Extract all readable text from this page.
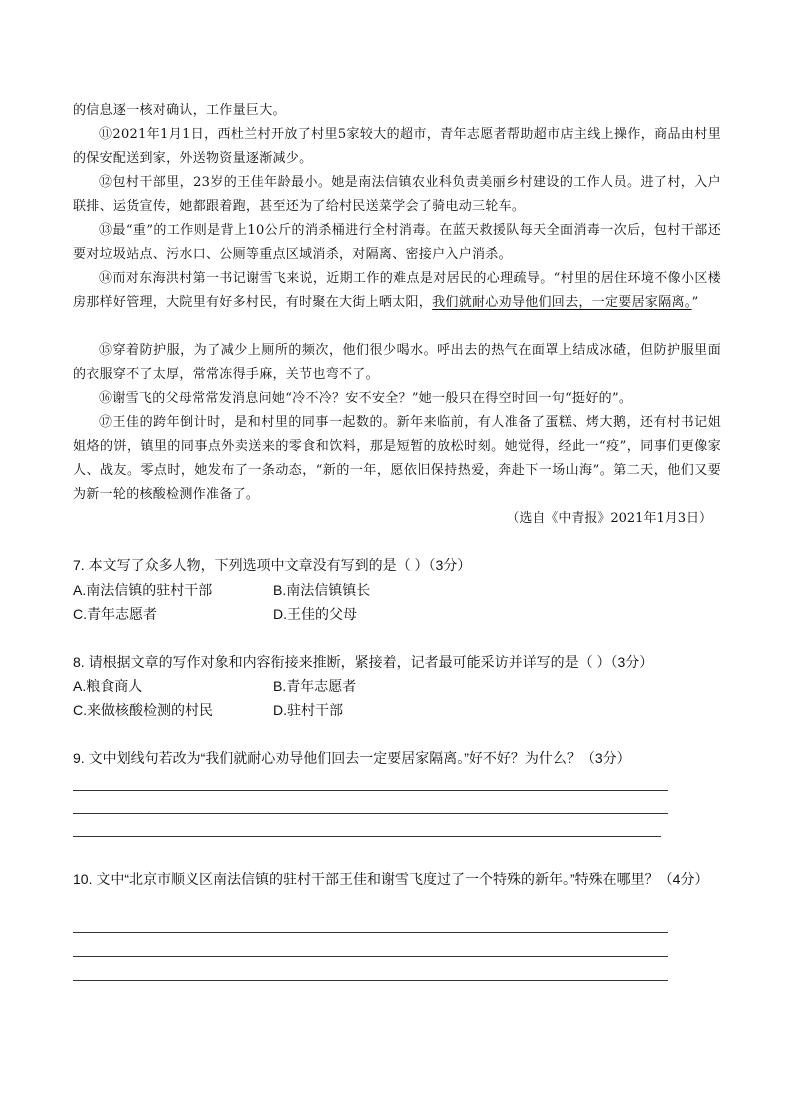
的信息逐一核对确认，工作量巨大。

⑪2021年1月1日，西杜兰村开放了村里5家较大的超市，青年志愿者帮助超市店主线上操作，商品由村里的保安配送到家，外送物资量逐渐减少。

⑫包村干部里，23岁的王佳年龄最小。她是南法信镇农业科负责美丽乡村建设的工作人员。进了村，入户联排、运货宣传，她都跟着跑，甚至还为了给村民送菜学会了骑电动三轮车。

⑬最“重”的工作则是背上10公斤的消杀桶进行全村消毒。在蓝天救援队每天全面消毒一次后，包村干部还要对垃圾站点、污水口、公厕等重点区域消杀，对隔离、密接户入户消杀。

⑭而对东海洪村第一书记谢雪飞来说，近期工作的难点是对居民的心理疏导。“村里的居住环境不像小区楼房那样好管理，大院里有好多村民，有时聚在大街上晒太阳，我们就耐心劝导他们回去，一定要居家隔离。”

⑮穿着防护服，为了减少上厕所的频次，他们很少喝水。呼出去的热气在面罩上结成冰碴，但防护服里面的衣服穿不了太厚，常常冻得手麻，关节也弯不了。

⑯谢雪飞的父母常常发消息问她“冷不冷？安不安全？”她一般只在得空时回一句“挺好的”。

⑰王佳的跨年倒计时，是和村里的同事一起数的。新年来临前，有人准备了蛋糕、烤大鹅，还有村书记姐姐烙的饼，镇里的同事点外卖送来的零食和饮料，那是短暂的放松时刻。她觉得，经此一“疫”，同事们更像家人、战友。零点时，她发布了一条动态，“新的一年，愿依旧保持热爱，奔赴下一场山海”。第二天，他们又要为新一轮的核酸检测作准备了。

（选自《中青报》2021年1月3日）
7. 本文写了众多人物，下列选项中文章没有写到的是（ ）（3分）
A.南法信镇的驻村干部	B.南法信镇镇长
C.青年志愿者	D.王佳的父母
8. 请根据文章的写作对象和内容衔接来推断，紧接着，记者最可能采访并详写的是（ ）（3分）
A.粮食商人	B.青年志愿者
C.来做核酸检测的村民	D.驻村干部
9. 文中划线句若改为“我们就耐心劝导他们回去一定要居家隔离。”好不好？为什么？（3分）
10. 文中“北京市顺义区南法信镇的驻村干部王佳和谢雪飞度过了一个特殊的新年。”特殊在哪里？（4分）
